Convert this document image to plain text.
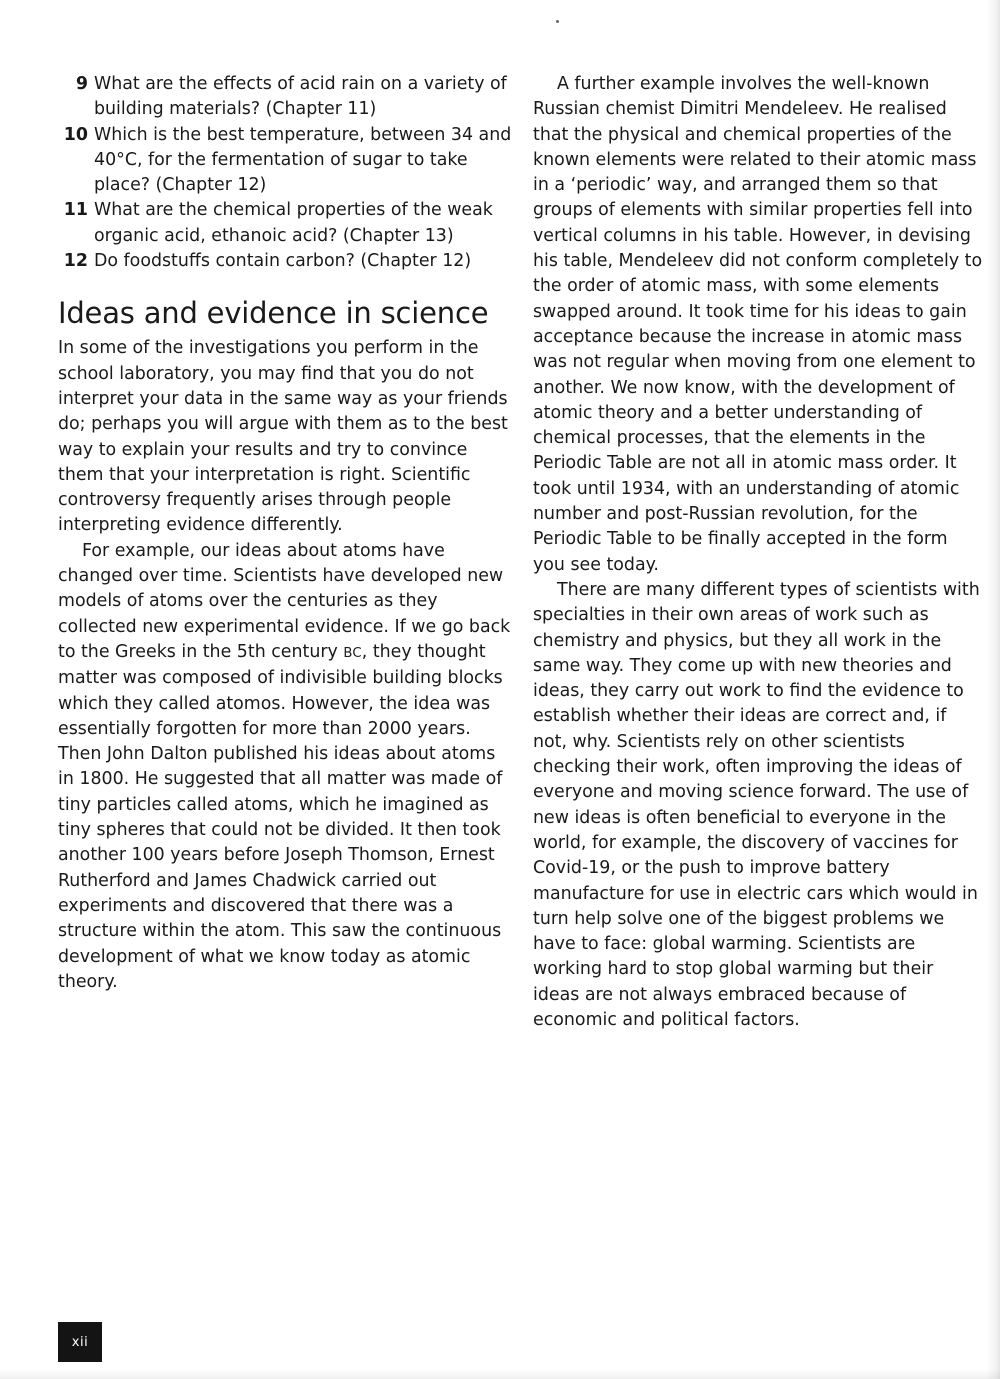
9 What are the effects of acid rain on a variety of building materials? (Chapter 11)
10 Which is the best temperature, between 34 and 40°C, for the fermentation of sugar to take place? (Chapter 12)
11 What are the chemical properties of the weak organic acid, ethanoic acid? (Chapter 13)
12 Do foodstuffs contain carbon? (Chapter 12)
Ideas and evidence in science

In some of the investigations you perform in the school laboratory, you may find that you do not interpret your data in the same way as your friends do; perhaps you will argue with them as to the best way to explain your results and try to convince them that your interpretation is right. Scientific controversy frequently arises through people interpreting evidence differently.

For example, our ideas about atoms have changed over time. Scientists have developed new models of atoms over the centuries as they collected new experimental evidence. If we go back to the Greeks in the 5th century BC, they thought matter was composed of indivisible building blocks which they called atomos. However, the idea was essentially forgotten for more than 2000 years. Then John Dalton published his ideas about atoms in 1800. He suggested that all matter was made of tiny particles called atoms, which he imagined as tiny spheres that could not be divided. It then took another 100 years before Joseph Thomson, Ernest Rutherford and James Chadwick carried out experiments and discovered that there was a structure within the atom. This saw the continuous development of what we know today as atomic theory.

A further example involves the well-known Russian chemist Dimitri Mendeleev. He realised that the physical and chemical properties of the known elements were related to their atomic mass in a ‘periodic’ way, and arranged them so that groups of elements with similar properties fell into vertical columns in his table. However, in devising his table, Mendeleev did not conform completely to the order of atomic mass, with some elements swapped around. It took time for his ideas to gain acceptance because the increase in atomic mass was not regular when moving from one element to another. We now know, with the development of atomic theory and a better understanding of chemical processes, that the elements in the Periodic Table are not all in atomic mass order. It took until 1934, with an understanding of atomic number and post-Russian revolution, for the Periodic Table to be finally accepted in the form you see today.

There are many different types of scientists with specialties in their own areas of work such as chemistry and physics, but they all work in the same way. They come up with new theories and ideas, they carry out work to find the evidence to establish whether their ideas are correct and, if not, why. Scientists rely on other scientists checking their work, often improving the ideas of everyone and moving science forward. The use of new ideas is often beneficial to everyone in the world, for example, the discovery of vaccines for Covid-19, or the push to improve battery manufacture for use in electric cars which would in turn help solve one of the biggest problems we have to face: global warming. Scientists are working hard to stop global warming but their ideas are not always embraced because of economic and political factors.

xii
